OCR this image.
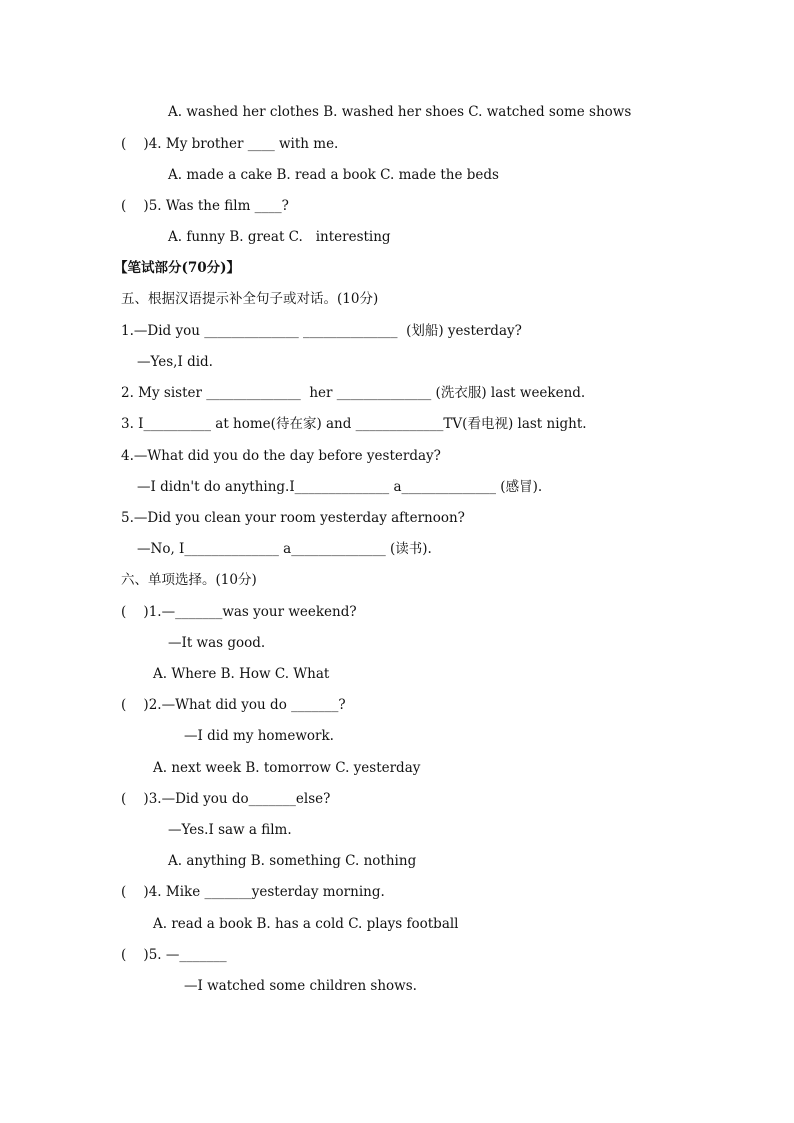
A. washed her clothes B. washed her shoes C. watched some shows
(    )4. My brother ____ with me.
A. made a cake B. read a book C. made the beds
(    )5. Was the film ____?
A. funny B. great C.   interesting
【笔试部分(70分)】
五、根据汉语提示补全句子或对话。(10分)
1.—Did you ______________ ______________  (划船) yesterday?
—Yes,I did.
2. My sister ______________  her ______________ (洗衣服) last weekend.
3. I__________ at home(待在家) and _____________TV(看电视) last night.
4.—What did you do the day before yesterday?
—I didn't do anything.I______________ a______________ (感冒).
5.—Did you clean your room yesterday afternoon?
—No, I______________ a______________ (读书).
六、单项选择。(10分)
(    )1.—_______was your weekend?
—It was good.
A. Where B. How C. What
(    )2.—What did you do _______?
—I did my homework.
A. next week B. tomorrow C. yesterday
(    )3.—Did you do_______else?
—Yes.I saw a film.
A. anything B. something C. nothing
(    )4. Mike _______yesterday morning.
A. read a book B. has a cold C. plays football
(    )5. —_______
—I watched some children shows.
